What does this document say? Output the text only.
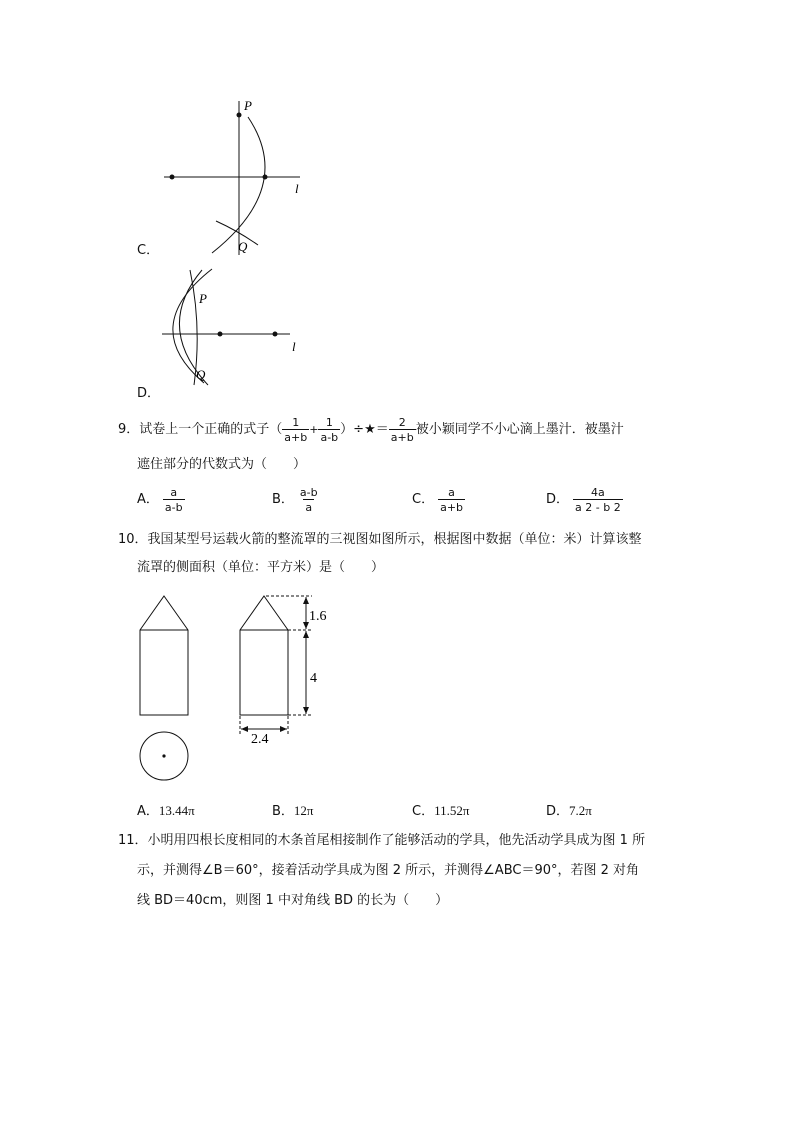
P
Q
l
C．
P
Q
l
D．
9． 试卷上一个正确的式子（ $\frac{1}{a+b} + \frac{1}{a-b}$ ）÷★＝ $\frac{2}{a+b}$ 被小颖同学不小心滴上墨汁．被墨汁
遮住部分的代数式为（　　）
A． $\frac{a}{a-b}$	B． $\frac{a-b}{a}$	C． $\frac{a}{a+b}$	D． $\frac{4a}{a 2 - b 2}$
10．我国某型号运载火箭的整流罩的三视图如图所示，根据图中数据（单位：米）计算该整
流罩的侧面积（单位：平方米）是（　　）
1.6
4
2.4
A．13.44π	B．12π	C．11.52π	D．7.2π
11．小明用四根长度相同的木条首尾相接制作了能够活动的学具，他先活动学具成为图 1 所
示，并测得∠B＝60°，接着活动学具成为图 2 所示，并测得∠ABC＝90°，若图 2 对角
线 BD＝40cm，则图 1 中对角线 BD 的长为（　　）
